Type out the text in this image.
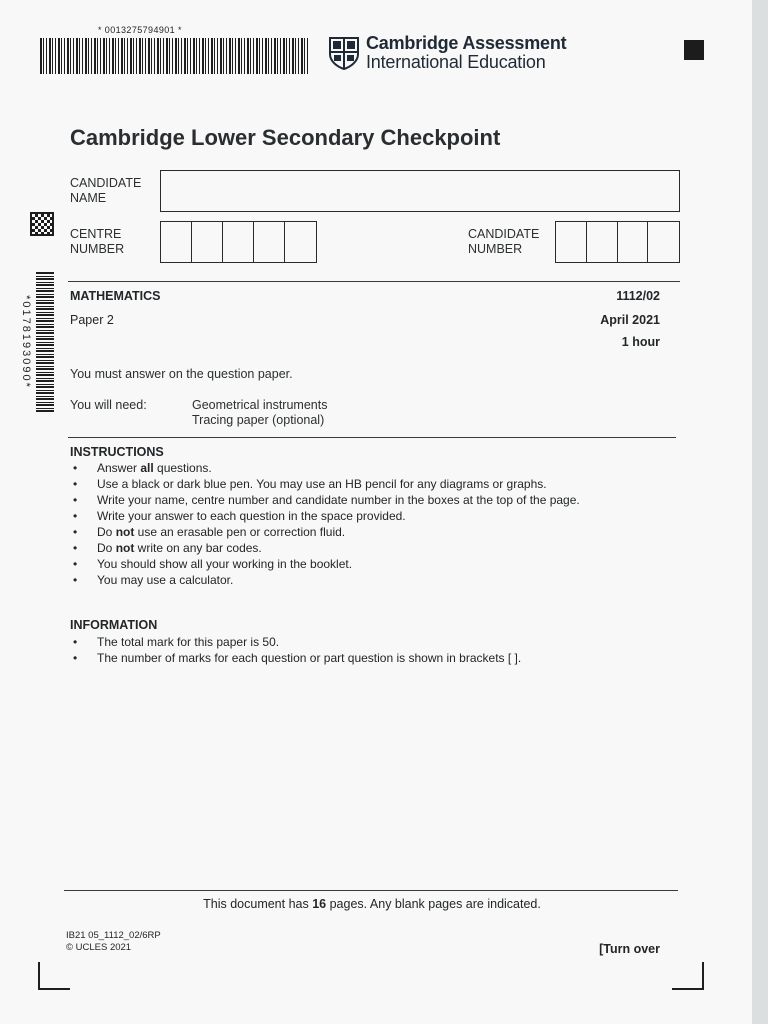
* 0013275794901 *
Cambridge Assessment
International Education
Cambridge Lower Secondary Checkpoint
CANDIDATE NAME
CENTRE NUMBER
CANDIDATE NUMBER
*0178193090*	MATHEMATICS	1112/02
Paper 2	April 2021
1 hour
You must answer on the question paper.
You will need:	Geometrical instruments
Tracing paper (optional)
INSTRUCTIONS
• Answer all questions.
• Use a black or dark blue pen. You may use an HB pencil for any diagrams or graphs.
• Write your name, centre number and candidate number in the boxes at the top of the page.
• Write your answer to each question in the space provided.
• Do not use an erasable pen or correction fluid.
• Do not write on any bar codes.
• You should show all your working in the booklet.
• You may use a calculator.
INFORMATION
• The total mark for this paper is 50.
• The number of marks for each question or part question is shown in brackets [ ].
This document has 16 pages. Any blank pages are indicated.
IB21 05_1112_02/6RP
© UCLES 2021	[Turn over
